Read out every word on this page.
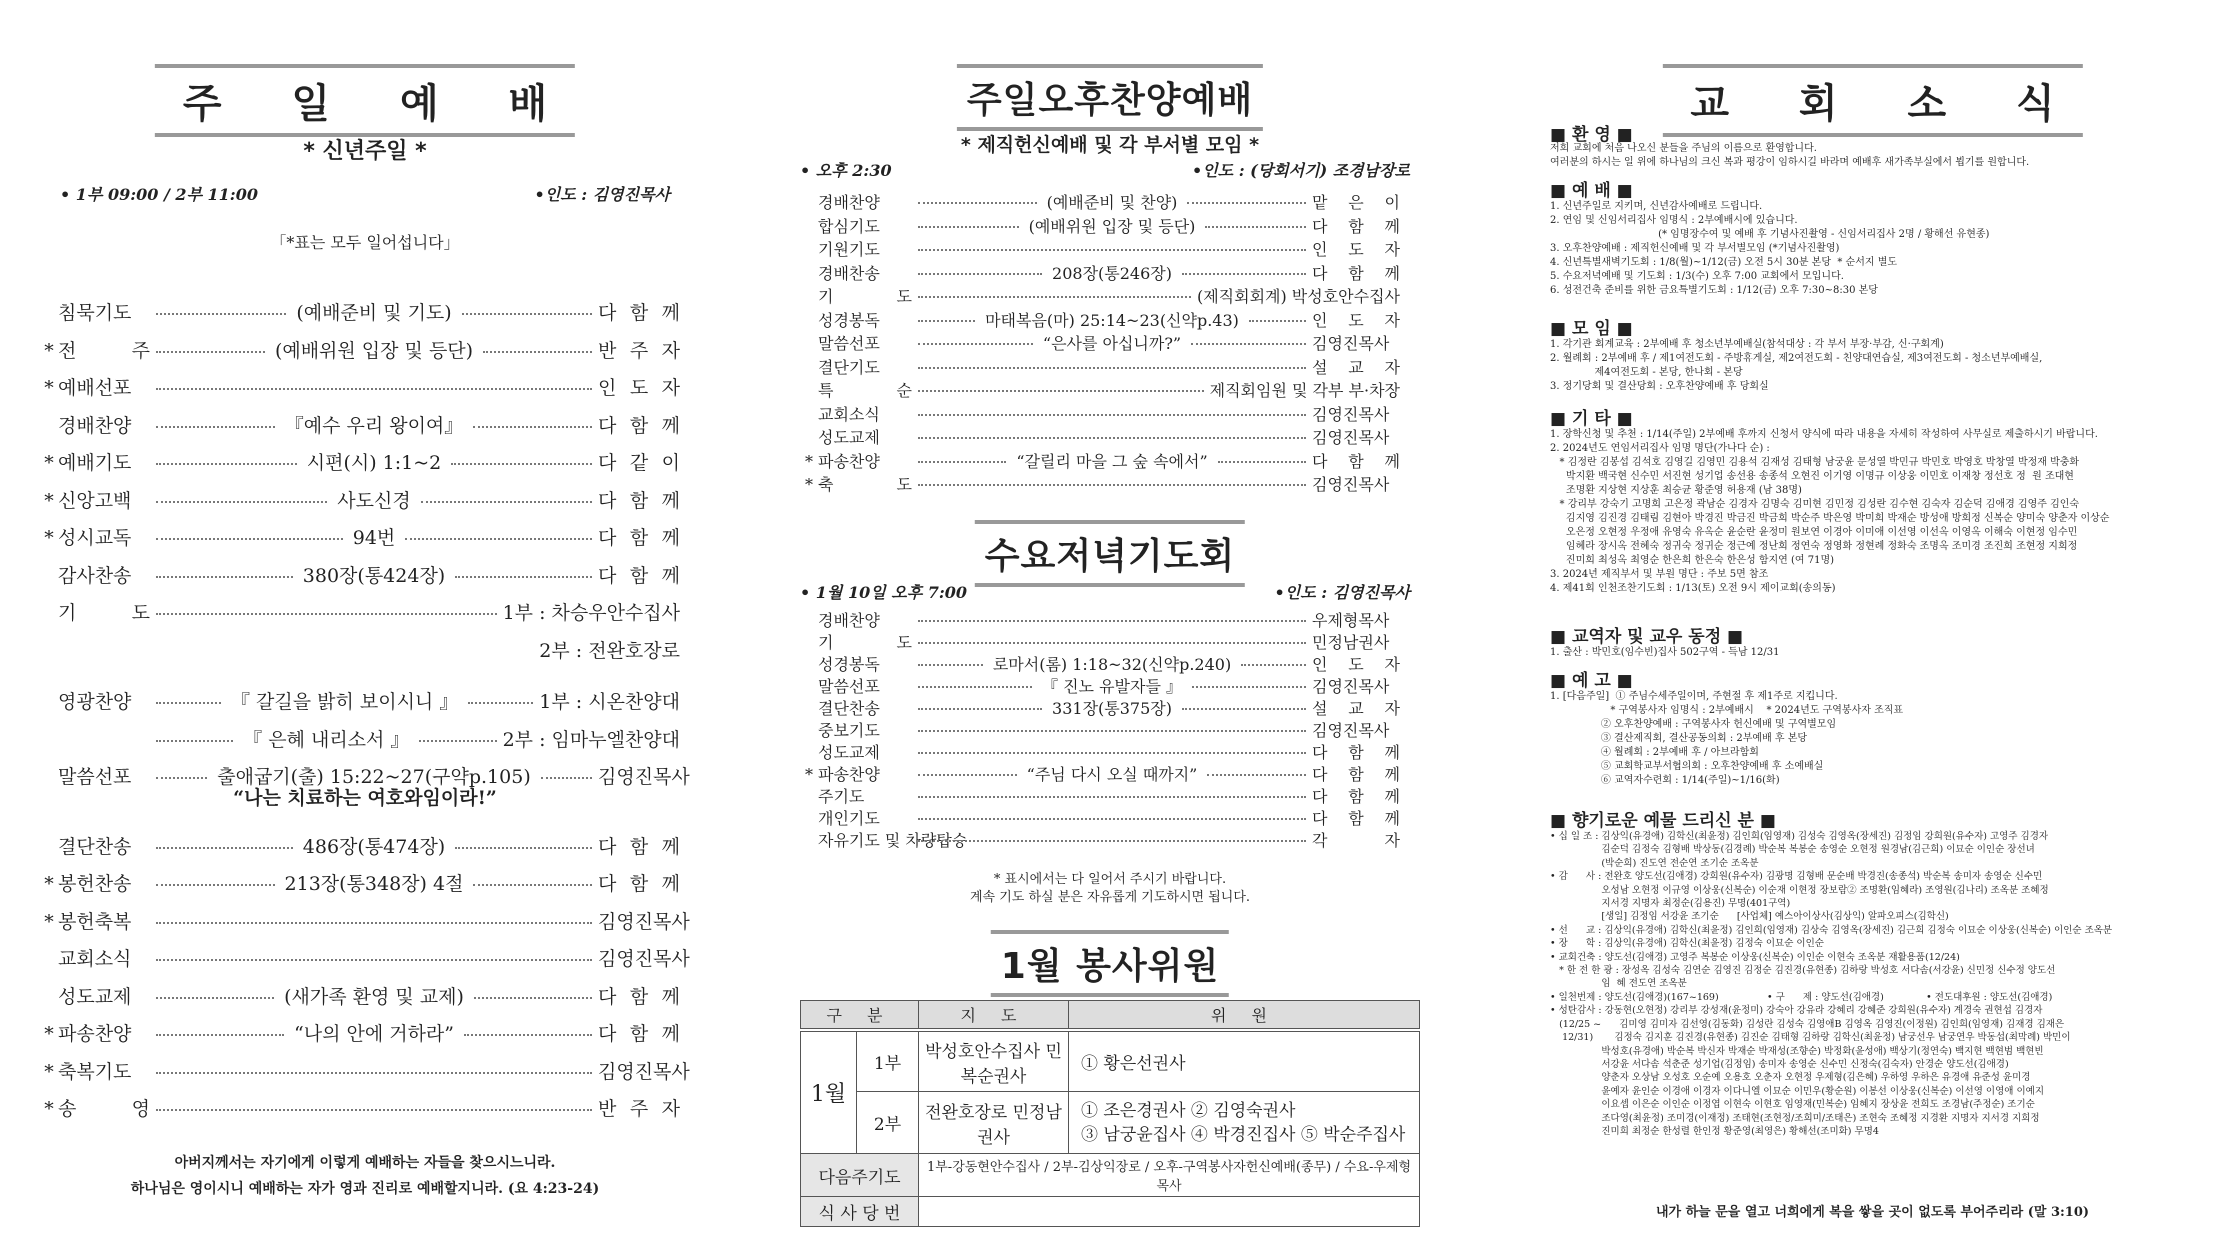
주 일 예 배
* 신년주일 *
• 1부 09:00 / 2부 11:00	•인도 : 김영진목사
「*표는 모두 일어섭니다」
침묵기도	(예배준비 및 기도)	다 함 께
* 전 주	(예배위원 입장 및 등단)	반 주 자
* 예배선포	인 도 자
경배찬양	『예수 우리 왕이여』	다 함 께
* 예배기도	시편(시) 1:1~2	다 같 이
* 신앙고백	사도신경	다 함 께
* 성시교독	94번	다 함 께
감사찬송	380장(통424장)	다 함 께
기 도	1부 : 차승우안수집사
2부 : 전완호장로
영광찬양	『 갈길을 밝히 보이시니 』	1부 : 시온찬양대
『 은혜 내리소서 』	2부 : 임마누엘찬양대
말씀선포	출애굽기(출) 15:22~27(구약p.105)	김영진목사
결단찬송	486장(통474장)	다 함 께
* 봉헌찬송	213장(통348장) 4절	다 함 께
* 봉헌축복	김영진목사
교회소식	김영진목사
성도교제	(새가족 환영 및 교제)	다 함 께
* 파송찬양	“나의 안에 거하라”	다 함 께
* 축복기도	김영진목사
* 송 영	반 주 자
“나는 치료하는 여호와임이라!”
아버지께서는 자기에게 이렇게 예배하는 자들을 찾으시느니라.
하나님은 영이시니 예배하는 자가 영과 진리로 예배할지니라. (요 4:23-24)
주일오후찬양예배
* 제직헌신예배 및 각 부서별 모임 *
• 오후 2:30	•인도 : (당회서기) 조경남장로
경배찬양	(예배준비 및 찬양)	맡 은 이
합심기도	(예배위원 입장 및 등단)	다 함 께
기원기도	인 도 자
경배찬송	208장(통246장)	다 함 께
기 도	(제직회회계) 박성호안수집사
성경봉독	마태복음(마) 25:14~23(신약p.43)	인 도 자
말씀선포	“은사를 아십니까?”	김영진목사
결단기도	설 교 자
특 순	제직회임원 및 각부 부·차장
교회소식	김영진목사
성도교제	김영진목사
* 파송찬양	“갈릴리 마을 그 숲 속에서”	다 함 께
* 축 도	김영진목사
수요저녁기도회
• 1월 10일 오후 7:00	•인도 : 김영진목사
경배찬양	우제형목사
기 도	민정남권사
성경봉독	로마서(롬) 1:18~32(신약p.240)	인 도 자
말씀선포	『 진노 유발자들 』	김영진목사
결단찬송	331장(통375장)	설 교 자
중보기도	김영진목사
성도교제	다 함 께
* 파송찬양	“주님 다시 오실 때까지”	다 함 께
주기도	다 함 께
개인기도	다 함 께
자유기도 및 차량탑승	각 자
* 표시에서는 다 일어서 주시기 바랍니다.
계속 기도 하실 분은 자유롭게 기도하시면 됩니다.
1월 봉사위원
구 분	지 도	위 원
1월	1부	박성호안수집사 민복순권사	① 황은선권사
	2부	전완호장로 민정남권사	① 조은경권사 ② 김영숙권사
③ 남궁윤집사 ④ 박경진집사 ⑤ 박순주집사

다음주기도		1부-강동현안수집사 / 2부-김상익장로 / 오후-구역봉사자헌신예배(종무) / 수요-우제형목사	
식 사 당 번			
교 회 소 식
■ 환 영 ■
저희 교회에 처음 나오신 분들을 주님의 이름으로 환영합니다.
여러분의 하시는 일 위에 하나님의 크신 복과 평강이 임하시길 바라며 예배후 새가족부실에서 뵙기를 원합니다.
■ 예 배 ■
1. 신년주일로 지키며, 신년감사예배로 드립니다.
2. 연임 및 신임서리집사 임명식 : 2부예배시에 있습니다.
(* 임명장수여 및 예배 후 기념사진촬영 - 신임서리집사 2명 / 황해선 유현종)
3. 오후찬양예배 : 제직헌신예배 및 각 부서별모임 (*기념사진촬영)
4. 신년특별새벽기도회 : 1/8(월)~1/12(금) 오전 5시 30분 본당  * 순서지 별도
5. 수요저녁예배 및 기도회 : 1/3(수) 오후 7:00 교회에서 모입니다.
6. 성전건축 준비를 위한 금요특별기도회 : 1/12(금) 오후 7:30~8:30 본당
■ 모 임 ■
1. 각기관 회계교육 : 2부예배 후 청소년부예배실(참석대상 : 각 부서 부장·부감, 신·구회계)
2. 월례회 : 2부예배 후 / 제1여전도회 - 주방휴게실, 제2여전도회 - 친양대연습실, 제3여전도회 - 청소년부예배실,
제4여전도회 - 본당, 한나회 - 본당
3. 정기당회 및 결산당회 : 오후찬양예배 후 당회실
■ 기 타 ■
1. 장학신청 및 추천 : 1/14(주일) 2부예배 후까지 신청서 양식에 따라 내용을 자세히 작성하여 사무실로 제출하시기 바랍니다.
2. 2024년도 연임서리집사 임명 명단(가나다 순) :
* 김정란 김봉섭 김석호 김영길 김영민 김용석 김재성 김태형 남궁윤 문성열 박민규 박민호 박영호 박창열 박정재 박충화
박지환 백국현 신수민 서진현 성기업 송선용 송종석 오현진 이기영 이명규 이상웅 이민호 이재창 정선호 정  원 조대현
조명환 지상현 지상훈 최승균 황준영 허용재 (남 38명)
* 강리부 강숙기 고명희 고은정 곽남순 김경자 김명숙 김미현 김민정 김성란 김수현 김숙자 김순덕 김애경 김영주 김인숙
김지영 김진경 김태림 김현아 박경진 박금진 박금희 박순주 박은영 박미희 박재순 방성애 방희정 신복순 양미숙 양춘자 이상순
오은정 오현정 우정애 유영숙 유옥순 윤순란 윤정미 원보연 이경아 이미애 이선영 이선옥 이영옥 이해숙 이현정 임수민
임혜라 장시옥 전혜숙 정귀숙 정귀순 정근예 정난희 정연숙 정영화 정현례 정화숙 조명옥 조미경 조진희 조현정 지희정
진미희 최성옥 최영순 한은희 한은숙 한은성 함지연 (여 71명)
3. 2024년 제직부서 및 부원 명단 : 주보 5면 참조
4. 제41회 인천조찬기도회 : 1/13(토) 오전 9시 제이교회(송의동)
■ 교역자 및 교우 동정 ■
1. 출산 : 박민호(임수빈)집사 502구역 - 득남 12/31
■ 예 고 ■
1. [다음주일]  ① 주님수세주일이며, 주현절 후 제1주로 지킵니다.
* 구역봉사자 임명식 : 2부예배시    * 2024년도 구역봉사자 조직표
② 오후찬양예배 : 구역봉사자 헌신예배 및 구역별모임
③ 결산제직회, 결산공동의회 : 2부예배 후 본당
④ 월례회 : 2부예배 후 / 아브라함회
⑤ 교회학교부서협의회 : 오후찬양예배 후 소예배실
⑥ 교역자수련회 : 1/14(주일)~1/16(화)
■ 향기로운 예물 드리신 분 ■
• 십 일 조 : 김상익(유경애) 김학신(최윤정) 김인희(임영재) 김성숙 김영옥(장세진) 김정임 강희원(유수자) 고영주 김경자
김순덕 김정숙 김형배 박상동(김경례) 박순복 복봉순 송영순 오현정 원경남(김근희) 이묘순 이인순 장선녀
(박순희) 진도연 전순연 조기순 조옥분
• 감      사 : 전완호 양도선(김애경) 강희원(유수자) 김광명 김형배 문순배 박경진(송종석) 박순복 송미자 송영순 신수민
오성남 오현정 이규영 이상웅(신복순) 이순재 이현정 장보람② 조명환(임혜라) 조영원(김나리) 조옥분 조혜정
지서경 지명자 최정순(김용진) 무명(401구역)
[생일] 김정임 서강윤 조기순      [사업체] 예스아이상사(김상익) 알파오피스(김학신)
• 선      교 : 김상익(유경애) 김학신(최윤정) 김인희(임영재) 김상숙 김영옥(장세진) 김근희 김정숙 이묘순 이상웅(신복순) 이인순 조옥분
• 장      학 : 김상익(유경애) 김학신(최윤정) 김정숙 이묘순 이인순
• 교회건축 : 양도선(김애경) 고영주 복봉순 이상웅(신복순) 이인순 이현숙 조옥분 재활용품(12/24)
* 한 전 한 광 : 장성옥 김성숙 김연순 김영진 김정순 김진경(유현종) 김하랑 박성호 서다솜(서강윤) 신민정 신수정 양도선
임  혜 전도연 조옥분
• 일천번제 : 양도선(김애경)(167~169)                • 구      제 : 양도선(김애경)              • 전도대후원 : 양도선(김애경)
• 성탄감사 : 강동현(오현정) 강리부 강성재(윤정미) 강숙아 강유라 강혜리 강혜준 강희원(유수자) 계경숙 권현섭 김경자
(12/25 ~      김미영 김미자 김선영(김동화) 김성란 김성숙 김영애B 김영옥 김영진(이정원) 김인희(임영재) 김재경 김재은
12/31)       김정숙 김지훈 김진경(유현종) 김진순 김태형 김하랑 김학신(최윤정) 남궁선우 남궁연우 박동섭(최막례) 박민이
박성호(유경애) 박순복 박신자 박재순 박재성(조향순) 박정화(윤성애) 백상기(정연숙) 백지현 백현범 백현빈
서강윤 서다솜 석춘준 성기업(김정임) 송미자 송영순 신수민 신정숙(김숙자) 안경순 양도선(김애경)
양춘자 오상남 오성호 오순예 오용호 오춘자 오현정 우제형(김은혜) 우하영 우하은 유경애 유준성 윤미경
윤예자 윤인순 이경애 이경자 이다니엘 이묘순 이민우(황순원) 이봉선 이상웅(신복순) 이선영 이영애 이예지
이요셉 이은순 이인순 이정엽 이현숙 이현호 임영재(민복순) 임혜지 장상윤 전희도 조경남(주정순) 조기순
조다영(최윤정) 조미경(이재정) 조태현(조현정/조희미/조태은) 조현숙 조혜정 지경환 지명자 지서경 지희정
진미희 최정순 한성렬 한인정 황준영(최영은) 황해선(조미화) 무명4
내가 하늘 문을 열고 너희에게 복을 쌓을 곳이 없도록 부어주리라 (말 3:10)
